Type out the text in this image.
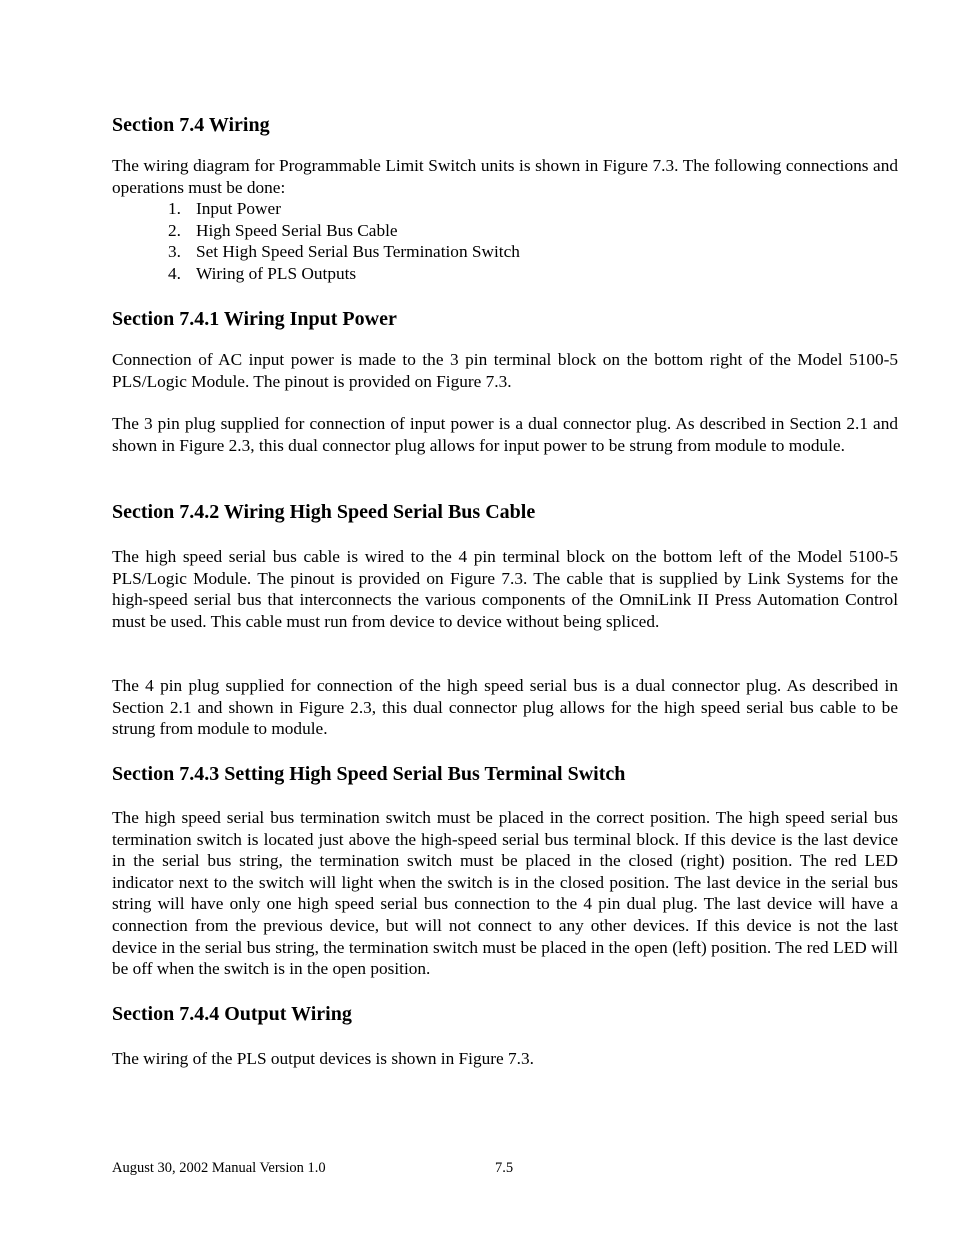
Section 7.4 Wiring

The wiring diagram for Programmable Limit Switch units is shown in Figure 7.3. The following connections and operations must be done:

1. Input Power
2. High Speed Serial Bus Cable
3. Set High Speed Serial Bus Termination Switch
4. Wiring of PLS Outputs
Section 7.4.1 Wiring Input Power

Connection of AC input power is made to the 3 pin terminal block on the bottom right of the Model 5100-5 PLS/Logic Module. The pinout is provided on Figure 7.3.

The 3 pin plug supplied for connection of input power is a dual connector plug. As described in Section 2.1 and shown in Figure 2.3, this dual connector plug allows for input power to be strung from module to module.

Section 7.4.2 Wiring High Speed Serial Bus Cable

The high speed serial bus cable is wired to the 4 pin terminal block on the bottom left of the Model 5100-5 PLS/Logic Module. The pinout is provided on Figure 7.3. The cable that is supplied by Link Systems for the high-speed serial bus that interconnects the various components of the OmniLink II Press Automation Control must be used. This cable must run from device to device without being spliced.

The 4 pin plug supplied for connection of the high speed serial bus is a dual connector plug. As described in Section 2.1 and shown in Figure 2.3, this dual connector plug allows for the high speed serial bus cable to be strung from module to module.

Section 7.4.3 Setting High Speed Serial Bus Terminal Switch

The high speed serial bus termination switch must be placed in the correct position. The high speed serial bus termination switch is located just above the high-speed serial bus terminal block. If this device is the last device in the serial bus string, the termination switch must be placed in the closed (right) position. The red LED indicator next to the switch will light when the switch is in the closed position. The last device in the serial bus string will have only one high speed serial bus connection to the 4 pin dual plug. The last device will have a connection from the previous device, but will not connect to any other devices. If this device is not the last device in the serial bus string, the termination switch must be placed in the open (left) position. The red LED will be off when the switch is in the open position.

Section 7.4.4 Output Wiring

The wiring of the PLS output devices is shown in Figure 7.3.

August 30, 2002 Manual Version 1.0	7.5
